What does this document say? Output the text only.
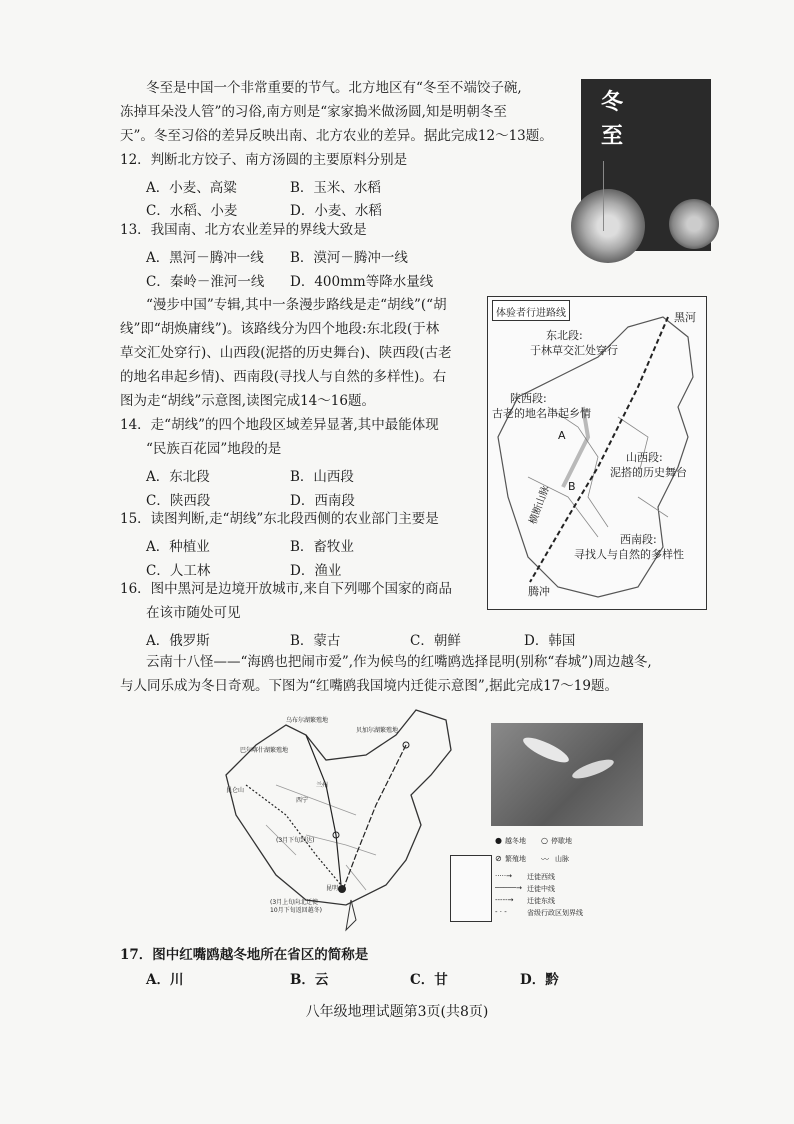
冬至是中国一个非常重要的节气。北方地区有“冬至不端饺子碗,
冻掉耳朵没人管”的习俗,南方则是“家家搗米做汤圆,知是明朝冬至
天”。冬至习俗的差异反映出南、北方农业的差异。据此完成12～13题。
冬
至
12．判断北方饺子、南方汤圆的主要原料分别是
A．小麦、高粱	B．玉米、水稻
C．水稻、小麦	D．小麦、水稻
13．我国南、北方农业差异的界线大致是
A．黑河－腾冲一线 B．漠河－腾冲一线
C．秦岭－淮河一线 D．400mm等降水量线
“漫步中国”专辑,其中一条漫步路线是走“胡线”(“胡
线”即“胡焕庸线”)。该路线分为四个地段:东北段(于林
草交汇处穿行)、山西段(泥搭的历史舞台)、陕西段(古老
的地名串起乡情)、西南段(寻找人与自然的多样性)。右
图为走“胡线”示意图,读图完成14～16题。
14．走“胡线”的四个地段区域差异显著,其中最能体现
“民族百花园”地段的是
A．东北段	B．山西段
C．陕西段	D．西南段
15．读图判断,走“胡线”东北段西侧的农业部门主要是
A．种植业	B．畜牧业
C．人工林	D．渔业
16．图中黑河是边境开放城市,来自下列哪个国家的商品
在该市随处可见
A．俄罗斯	B．蒙古	C．朝鲜	D．韩国
体验者行进路线	黑河
东北段:
于林草交汇处穿行
陕西段:
古老的地名串起乡情
山西段:
泥搭的历史舞台
西南段:
寻找人与自然的多样性
腾冲
横断山脉
A
B
云南十八怪——“海鸥也把闹市爱”,作为候鸟的红嘴鸥选择昆明(别称“春城”)周边越冬,
与人同乐成为冬日奇观。下图为“红嘴鸥我国境内迁徙示意图”,据此完成17～19题。
乌布尔湖繁殖地
贝加尔湖繁殖地
巴尔喀什湖繁殖地
昆仑山
兰州
西宁
(3月下旬到达)
昆明
(3月上旬向北迁徙
10月下旬返回越冬)
● 越冬地 ○ 停歇地
⊘ 繁殖地 〰 山脉
·····→ 迁徙西线
─────→ 迁徙中线
-----→ 迁徙东线
- · -	省级行政区划界线
17．图中红嘴鸥越冬地所在省区的简称是
A．川	B．云	C．甘	D．黔
八年级地理试题第3页(共8页)
